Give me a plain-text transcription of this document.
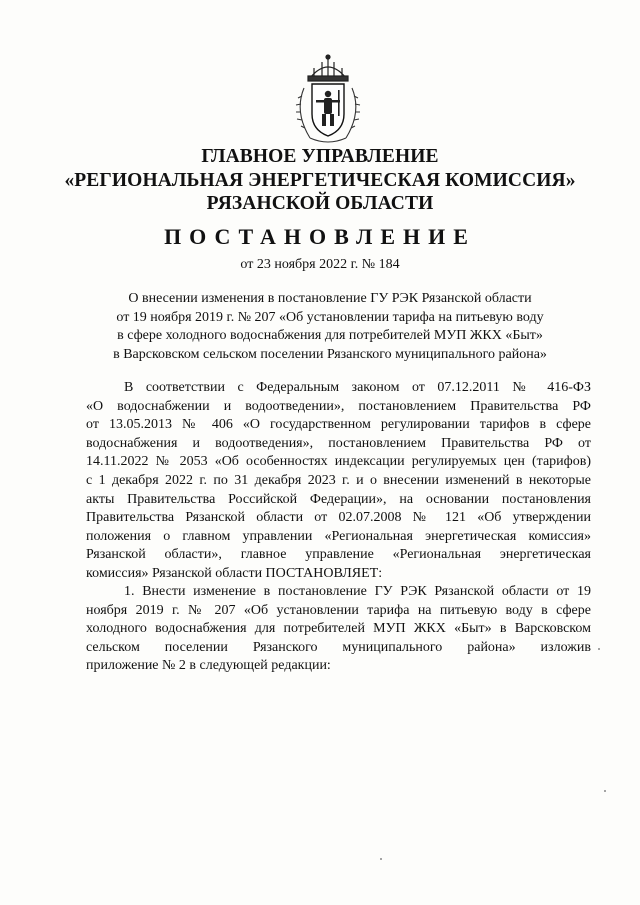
ГЛАВНОЕ УПРАВЛЕНИЕ
«РЕГИОНАЛЬНАЯ ЭНЕРГЕТИЧЕСКАЯ КОМИССИЯ»
РЯЗАНСКОЙ ОБЛАСТИ
ПОСТАНОВЛЕНИЕ
от 23 ноября 2022 г. № 184
О внесении изменения в постановление ГУ РЭК Рязанской области
от 19 ноября 2019 г. № 207 «Об установлении тарифа на питьевую воду
в сфере холодного водоснабжения для потребителей МУП ЖКХ «Быт»
в Варсковском сельском поселении Рязанского муниципального района»
В соответствии с Федеральным законом от 07.12.2011 № 416-ФЗ
«О водоснабжении и водоотведении», постановлением Правительства РФ
от 13.05.2013 № 406 «О государственном регулировании тарифов в сфере
водоснабжения и водоотведения», постановлением Правительства РФ от
14.11.2022 № 2053 «Об особенностях индексации регулируемых цен (тарифов)
с 1 декабря 2022 г. по 31 декабря 2023 г. и о внесении изменений в некоторые
акты Правительства Российской Федерации», на основании постановления
Правительства Рязанской области от 02.07.2008 № 121 «Об утверждении
положения о главном управлении «Региональная энергетическая комиссия»
Рязанской области», главное управление «Региональная энергетическая
комиссия» Рязанской области ПОСТАНОВЛЯЕТ:
1. Внести изменение в постановление ГУ РЭК Рязанской области от 19
ноября 2019 г. № 207 «Об установлении тарифа на питьевую воду в сфере
холодного водоснабжения для потребителей МУП ЖКХ «Быт» в Варсковском
сельском поселении Рязанского муниципального района» изложив
приложение № 2 в следующей редакции:
